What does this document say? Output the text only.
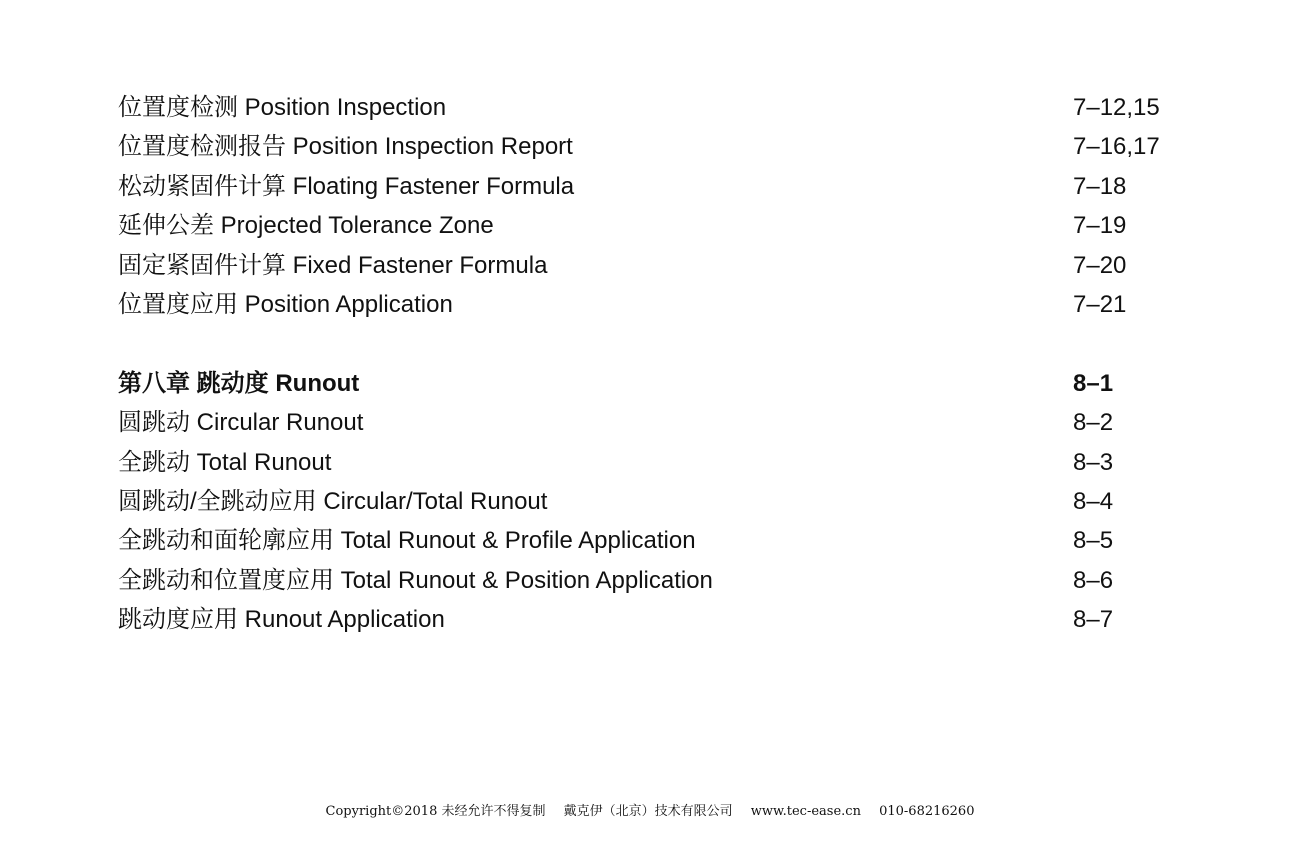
位置度检测 Position Inspection	7–12,15
位置度检测报告 Position Inspection Report	7–16,17
松动紧固件计算 Floating Fastener Formula	7–18
延伸公差 Projected Tolerance Zone	7–19
固定紧固件计算 Fixed Fastener Formula	7–20
位置度应用 Position Application	7–21
第八章 跳动度 Runout	8–1
圆跳动 Circular Runout	8–2
全跳动 Total Runout	8–3
圆跳动/全跳动应用 Circular/Total Runout	8–4
全跳动和面轮廓应用 Total Runout & Profile Application	8–5
全跳动和位置度应用 Total Runout & Position Application	8–6
跳动度应用 Runout Application	8–7
Copyright©2018 未经允许不得复制 戴克伊（北京）技术有限公司 www.tec-ease.cn 010-68216260
